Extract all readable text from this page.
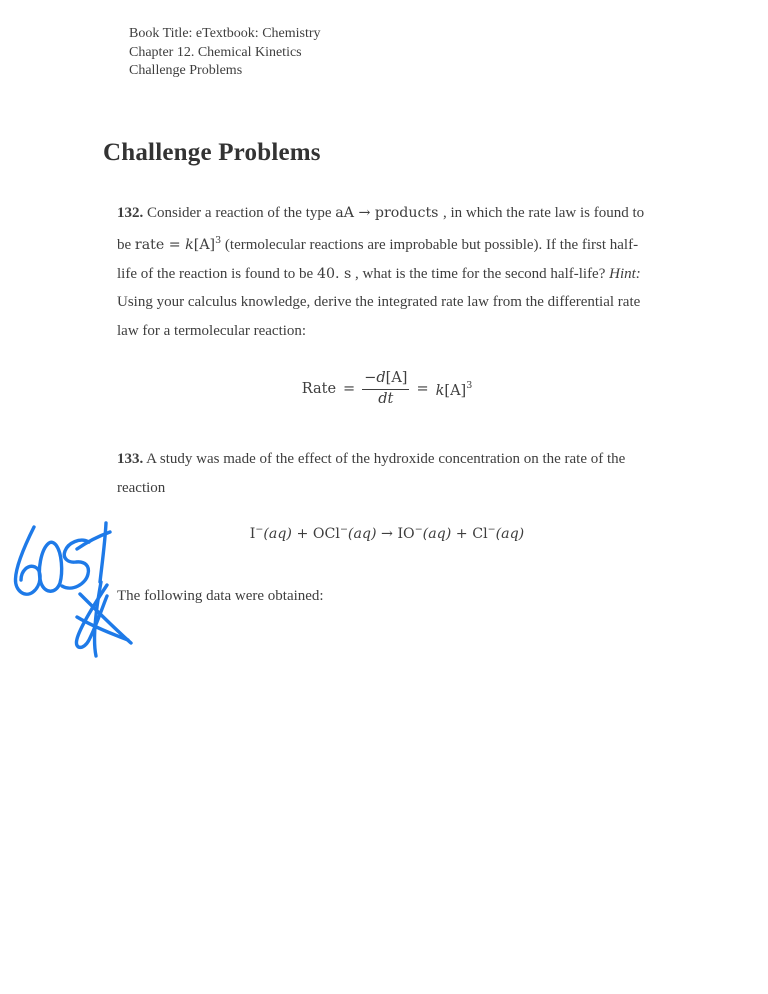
Book Title: eTextbook: Chemistry
Chapter 12. Chemical Kinetics
Challenge Problems
Challenge Problems

132. Consider a reaction of the type aA → products , in which the rate law is found to be rate = $k[A]^3$ (termolecular reactions are improbable but possible). If the first half-life of the reaction is found to be 40. s , what is the time for the second half-life? Hint: Using your calculus knowledge, derive the integrated rate law from the differential rate law for a termolecular reaction:

Rate = $\frac{-d[A]}{dt} = k[A]^3$

133. A study was made of the effect of the hydroxide concentration on the rate of the reaction

I−(aq) + OCl−(aq) → IO−(aq) + Cl−(aq)

The following data were obtained:
